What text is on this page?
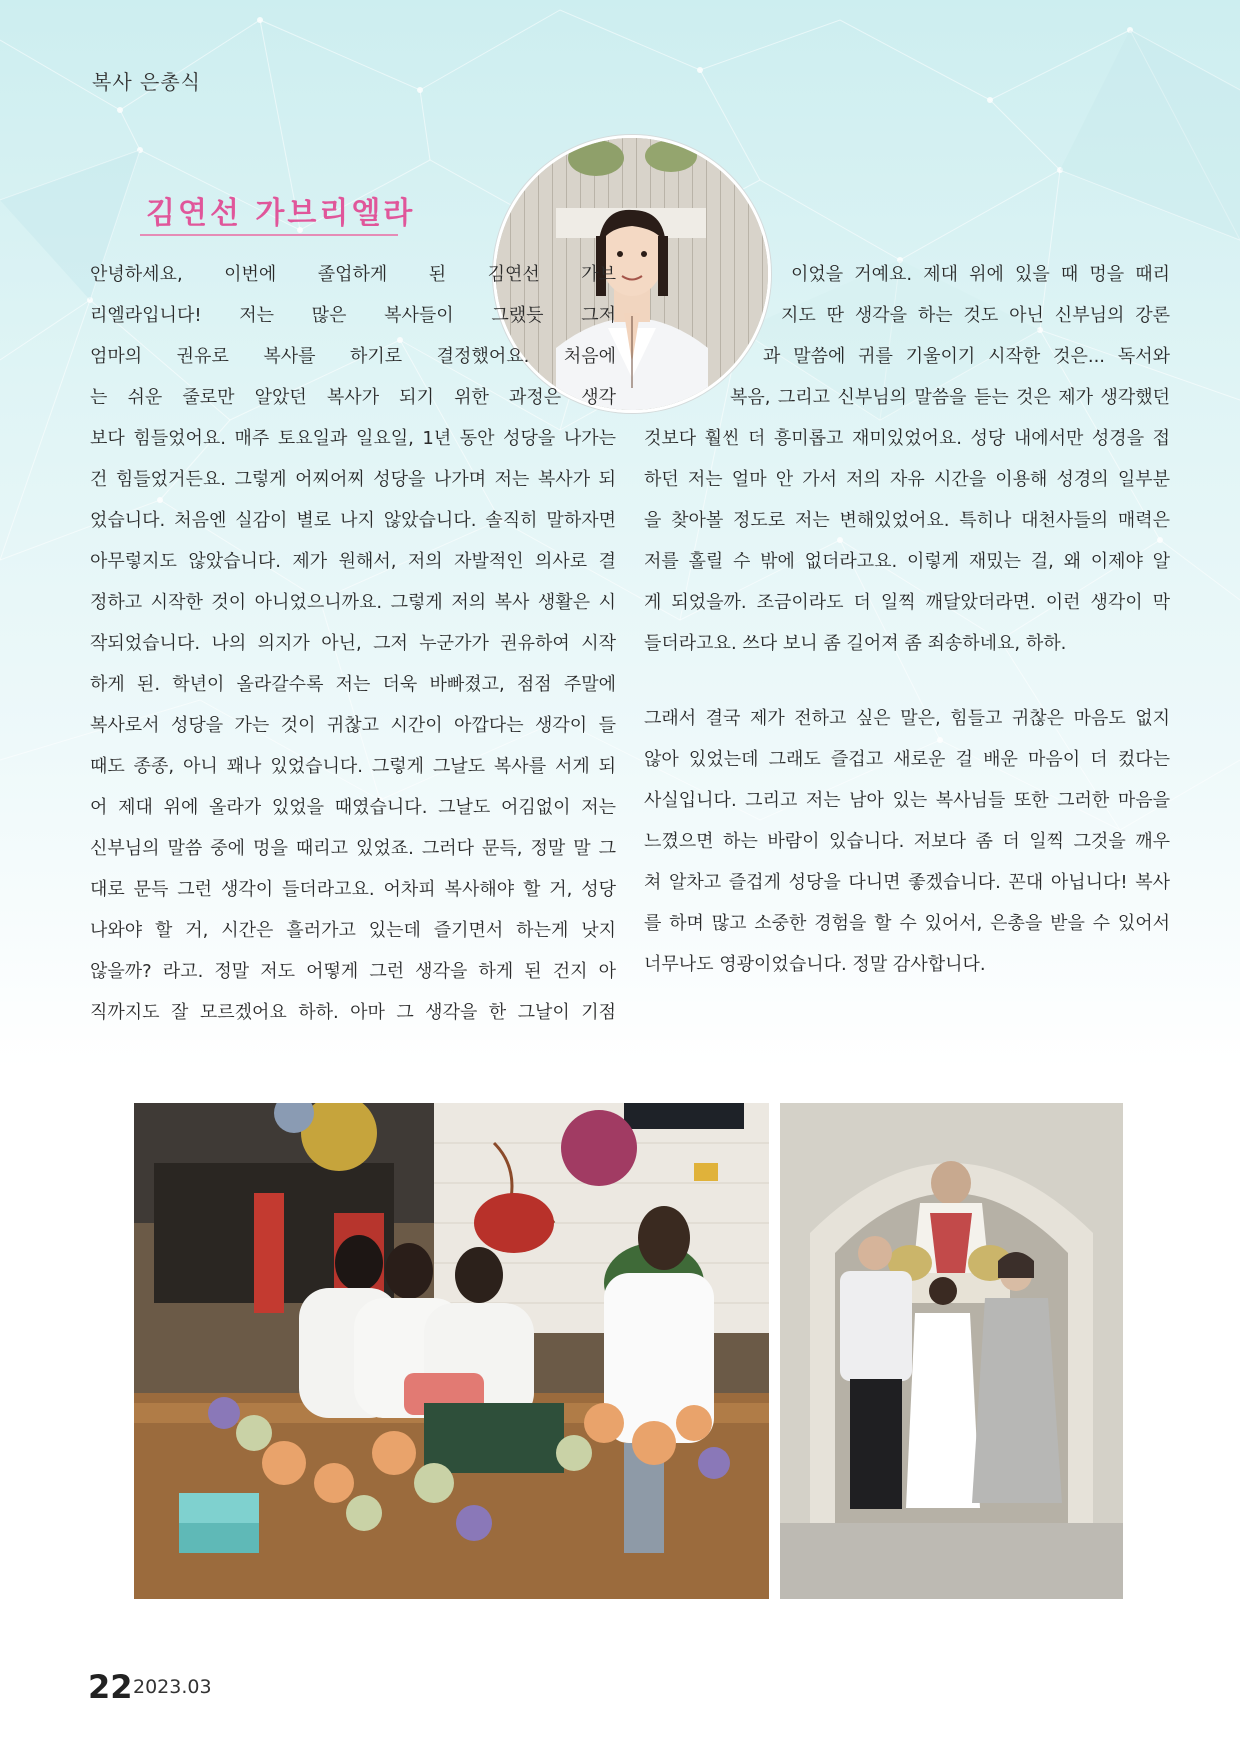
복사 은총식
김연선 가브리엘라
안녕하세요, 이번에 졸업하게 된 김연선 가브
리엘라입니다! 저는 많은 복사들이 그랬듯 그저
엄마의 권유로 복사를 하기로 결정했어요. 처음에
는 쉬운 줄로만 알았던 복사가 되기 위한 과정은 생각
보다 힘들었어요. 매주 토요일과 일요일, 1년 동안 성당을 나가는
건 힘들었거든요. 그렇게 어찌어찌 성당을 나가며 저는 복사가 되
었습니다. 처음엔 실감이 별로 나지 않았습니다. 솔직히 말하자면
아무렇지도 않았습니다. 제가 원해서, 저의 자발적인 의사로 결
정하고 시작한 것이 아니었으니까요. 그렇게 저의 복사 생활은 시
작되었습니다. 나의 의지가 아닌, 그저 누군가가 권유하여 시작
하게 된. 학년이 올라갈수록 저는 더욱 바빠졌고, 점점 주말에
복사로서 성당을 가는 것이 귀찮고 시간이 아깝다는 생각이 들
때도 종종, 아니 꽤나 있었습니다. 그렇게 그날도 복사를 서게 되
어 제대 위에 올라가 있었을 때였습니다. 그날도 어김없이 저는
신부님의 말씀 중에 멍을 때리고 있었죠. 그러다 문득, 정말 말 그
대로 문득 그런 생각이 들더라고요. 어차피 복사해야 할 거, 성당
나와야 할 거, 시간은 흘러가고 있는데 즐기면서 하는게 낫지
않을까? 라고. 정말 저도 어떻게 그런 생각을 하게 된 건지 아
직까지도 잘 모르겠어요 하하. 아마 그 생각을 한 그날이 기점
이었을 거예요. 제대 위에 있을 때 멍을 때리
지도 딴 생각을 하는 것도 아닌 신부님의 강론
과 말씀에 귀를 기울이기 시작한 것은... 독서와
복음, 그리고 신부님의 말씀을 듣는 것은 제가 생각했던
것보다 훨씬 더 흥미롭고 재미있었어요. 성당 내에서만 성경을 접
하던 저는 얼마 안 가서 저의 자유 시간을 이용해 성경의 일부분
을 찾아볼 정도로 저는 변해있었어요. 특히나 대천사들의 매력은
저를 홀릴 수 밖에 없더라고요. 이렇게 재밌는 걸, 왜 이제야 알
게 되었을까. 조금이라도 더 일찍 깨달았더라면. 이런 생각이 막
들더라고요. 쓰다 보니 좀 길어져 좀 죄송하네요, 하하.
그래서 결국 제가 전하고 싶은 말은, 힘들고 귀찮은 마음도 없지
않아 있었는데 그래도 즐겁고 새로운 걸 배운 마음이 더 컸다는
사실입니다. 그리고 저는 남아 있는 복사님들 또한 그러한 마음을
느꼈으면 하는 바람이 있습니다. 저보다 좀 더 일찍 그것을 깨우
쳐 알차고 즐겁게 성당을 다니면 좋겠습니다. 꼰대 아닙니다! 복사
를 하며 많고 소중한 경험을 할 수 있어서, 은총을 받을 수 있어서
너무나도 영광이었습니다. 정말 감사합니다.
22 2023.03
